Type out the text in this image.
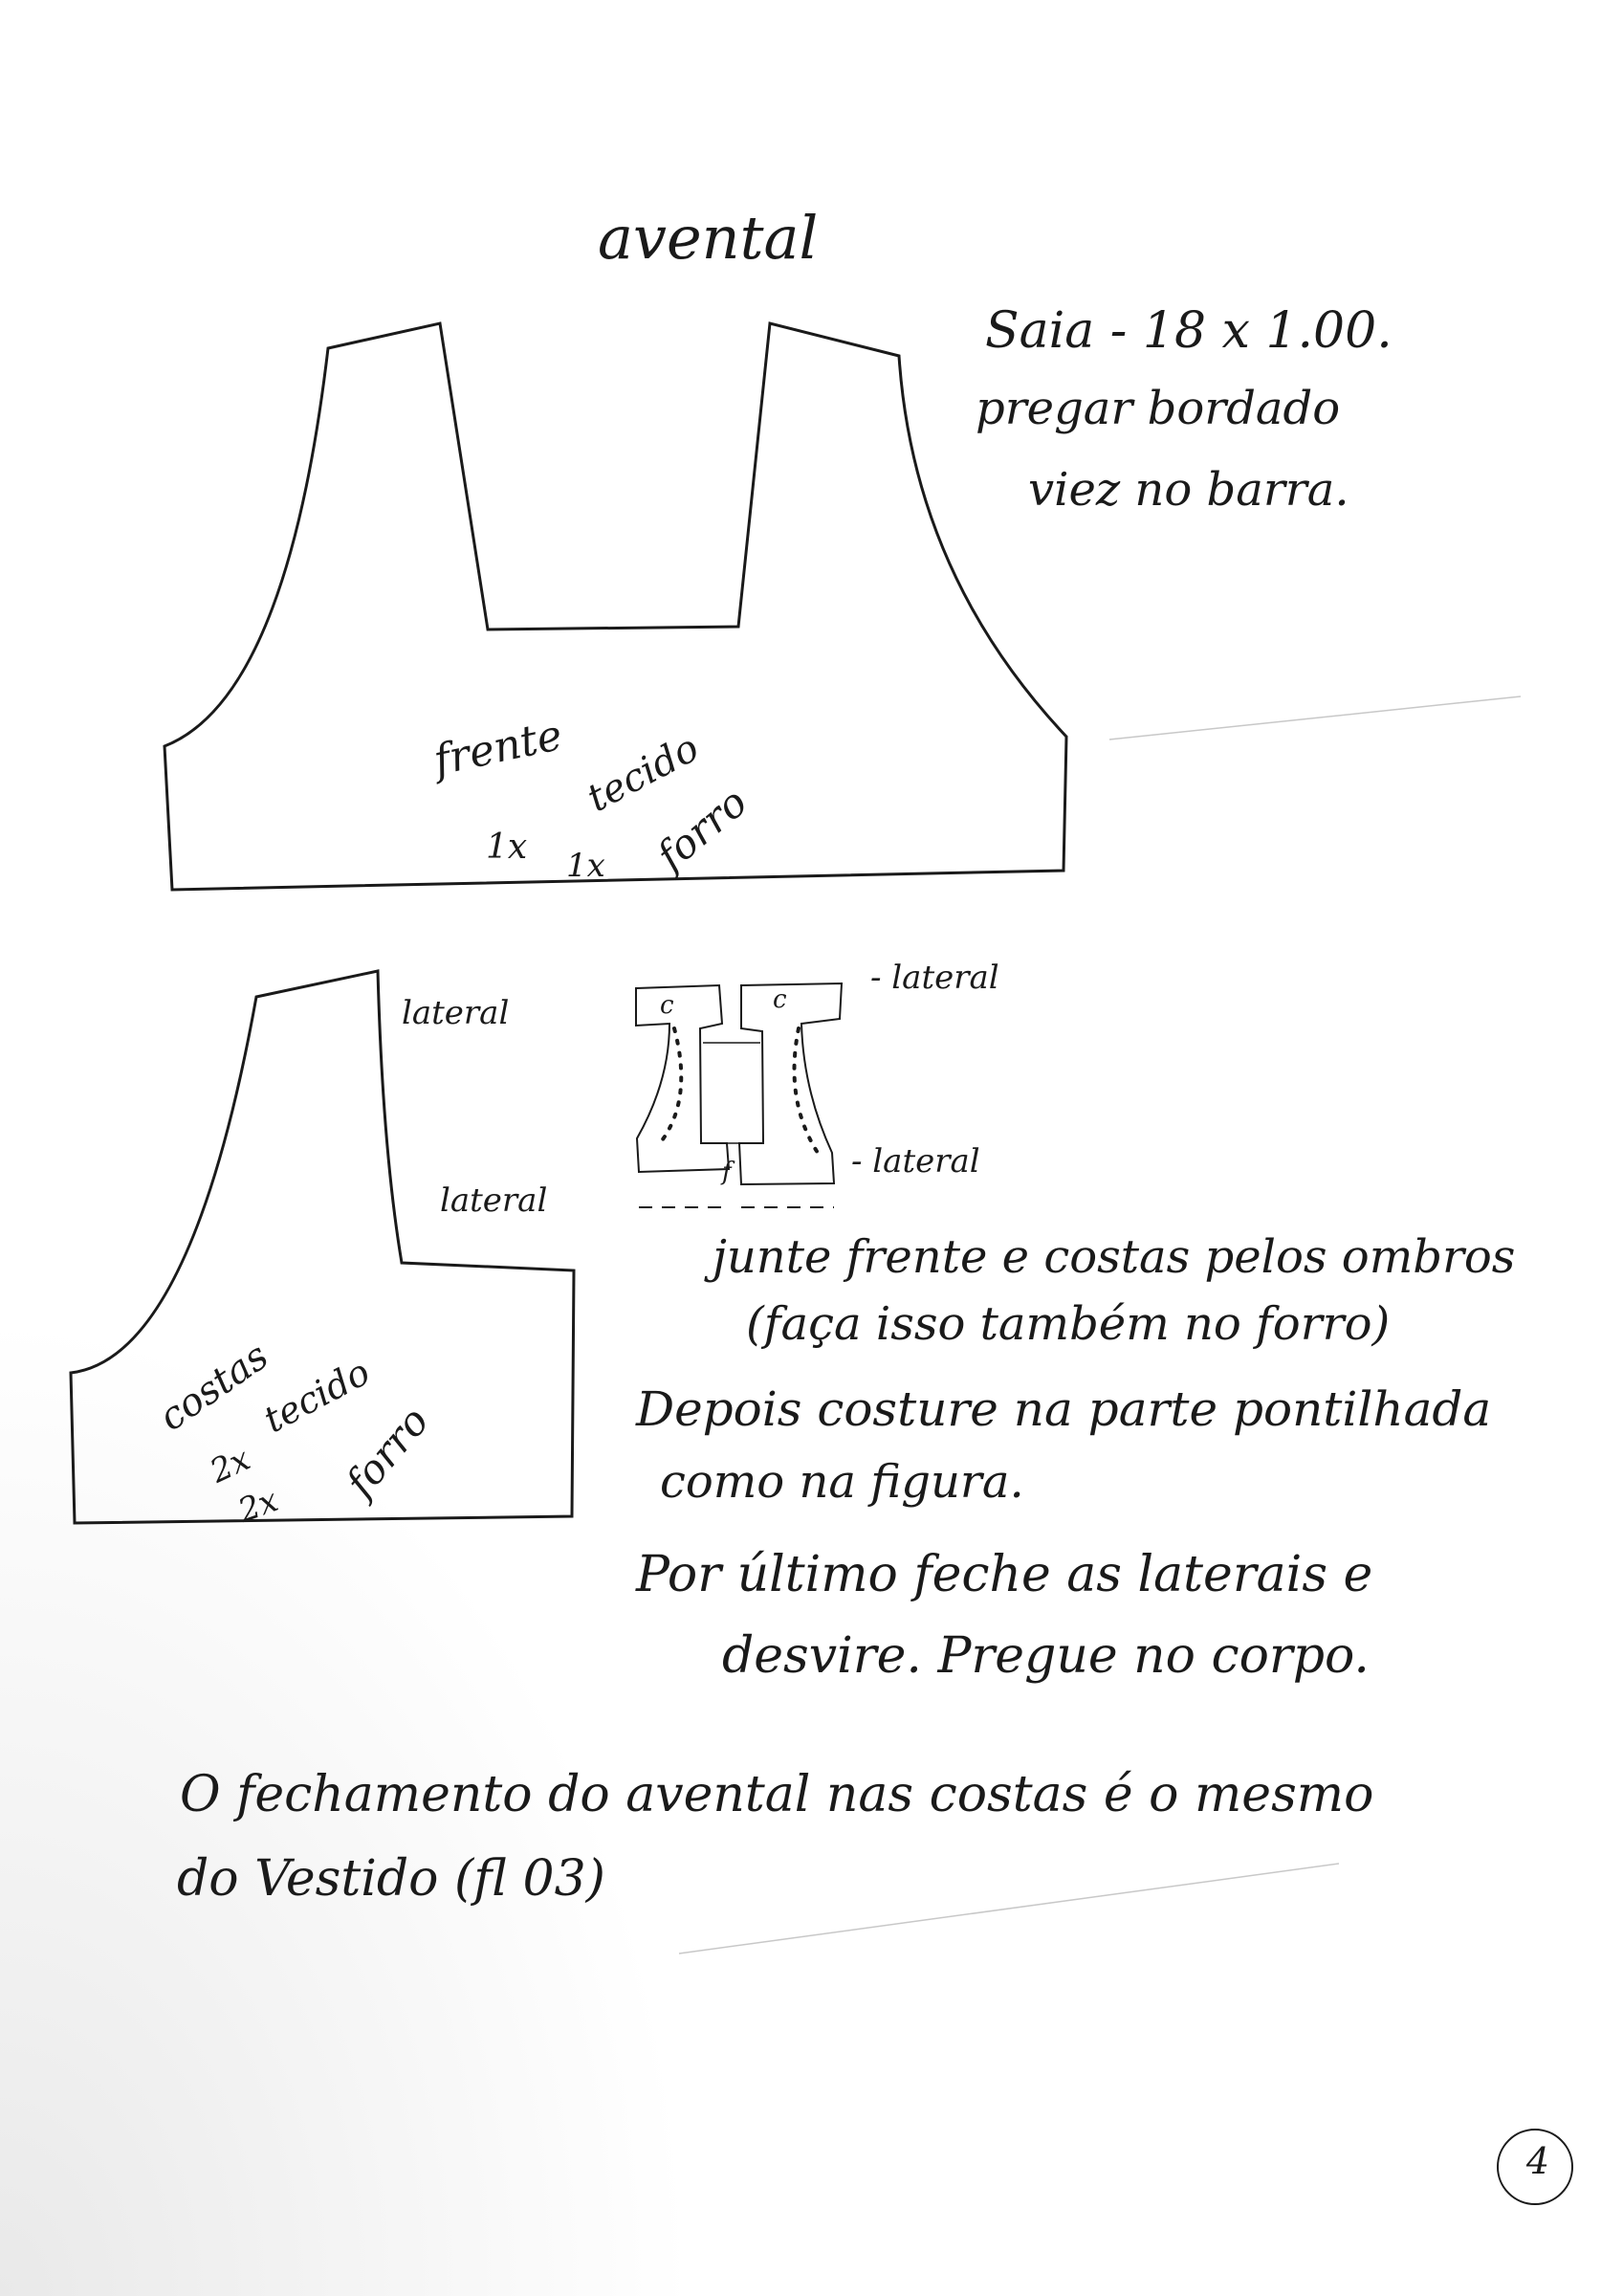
avental
Saia - 18 x 1.00.
pregar bordado
viez no barra.
frente
1x
tecido
1x forro
costas
2x
tecido
2x
forro
lateral
- lateral
lateral
- lateral
c	c
f
junte frente e costas pelos ombros
(faça isso também no forro)
Depois costure na parte pontilhada
como na figura.
Por último feche as laterais e
desvire. Pregue no corpo.
O fechamento do avental nas costas é o mesmo
do Vestido (fl 03)
4
